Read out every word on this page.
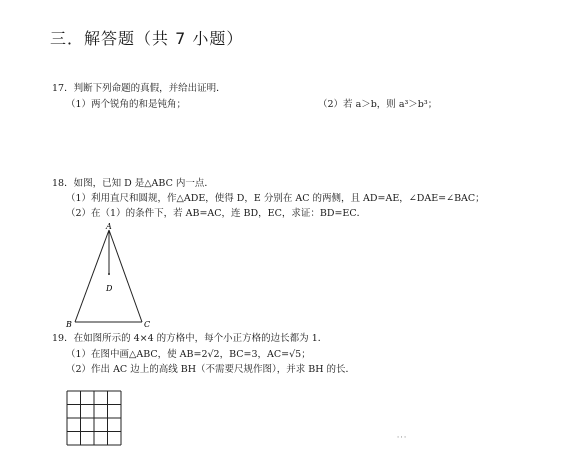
三．解答题（共 7 小题）
17．判断下列命题的真假，并给出证明．
（1）两个锐角的和是钝角；	（2）若 a＞b，则 a³＞b³；
18．如图，已知 D 是△ABC 内一点．
（1）利用直尺和圆规，作△ADE，使得 D，E 分别在 AC 的两侧，且 AD=AE，∠DAE=∠BAC；
（2）在（1）的条件下，若 AB=AC，连 BD，EC，求证：BD=EC．
A
D
B	C
19．在如图所示的 4×4 的方格中，每个小正方格的边长都为 1．
（1）在图中画△ABC，使 AB=2√2，BC=3，AC=√5；
（2）作出 AC 边上的高线 BH（不需要尺规作图），并求 BH 的长．
．．．
